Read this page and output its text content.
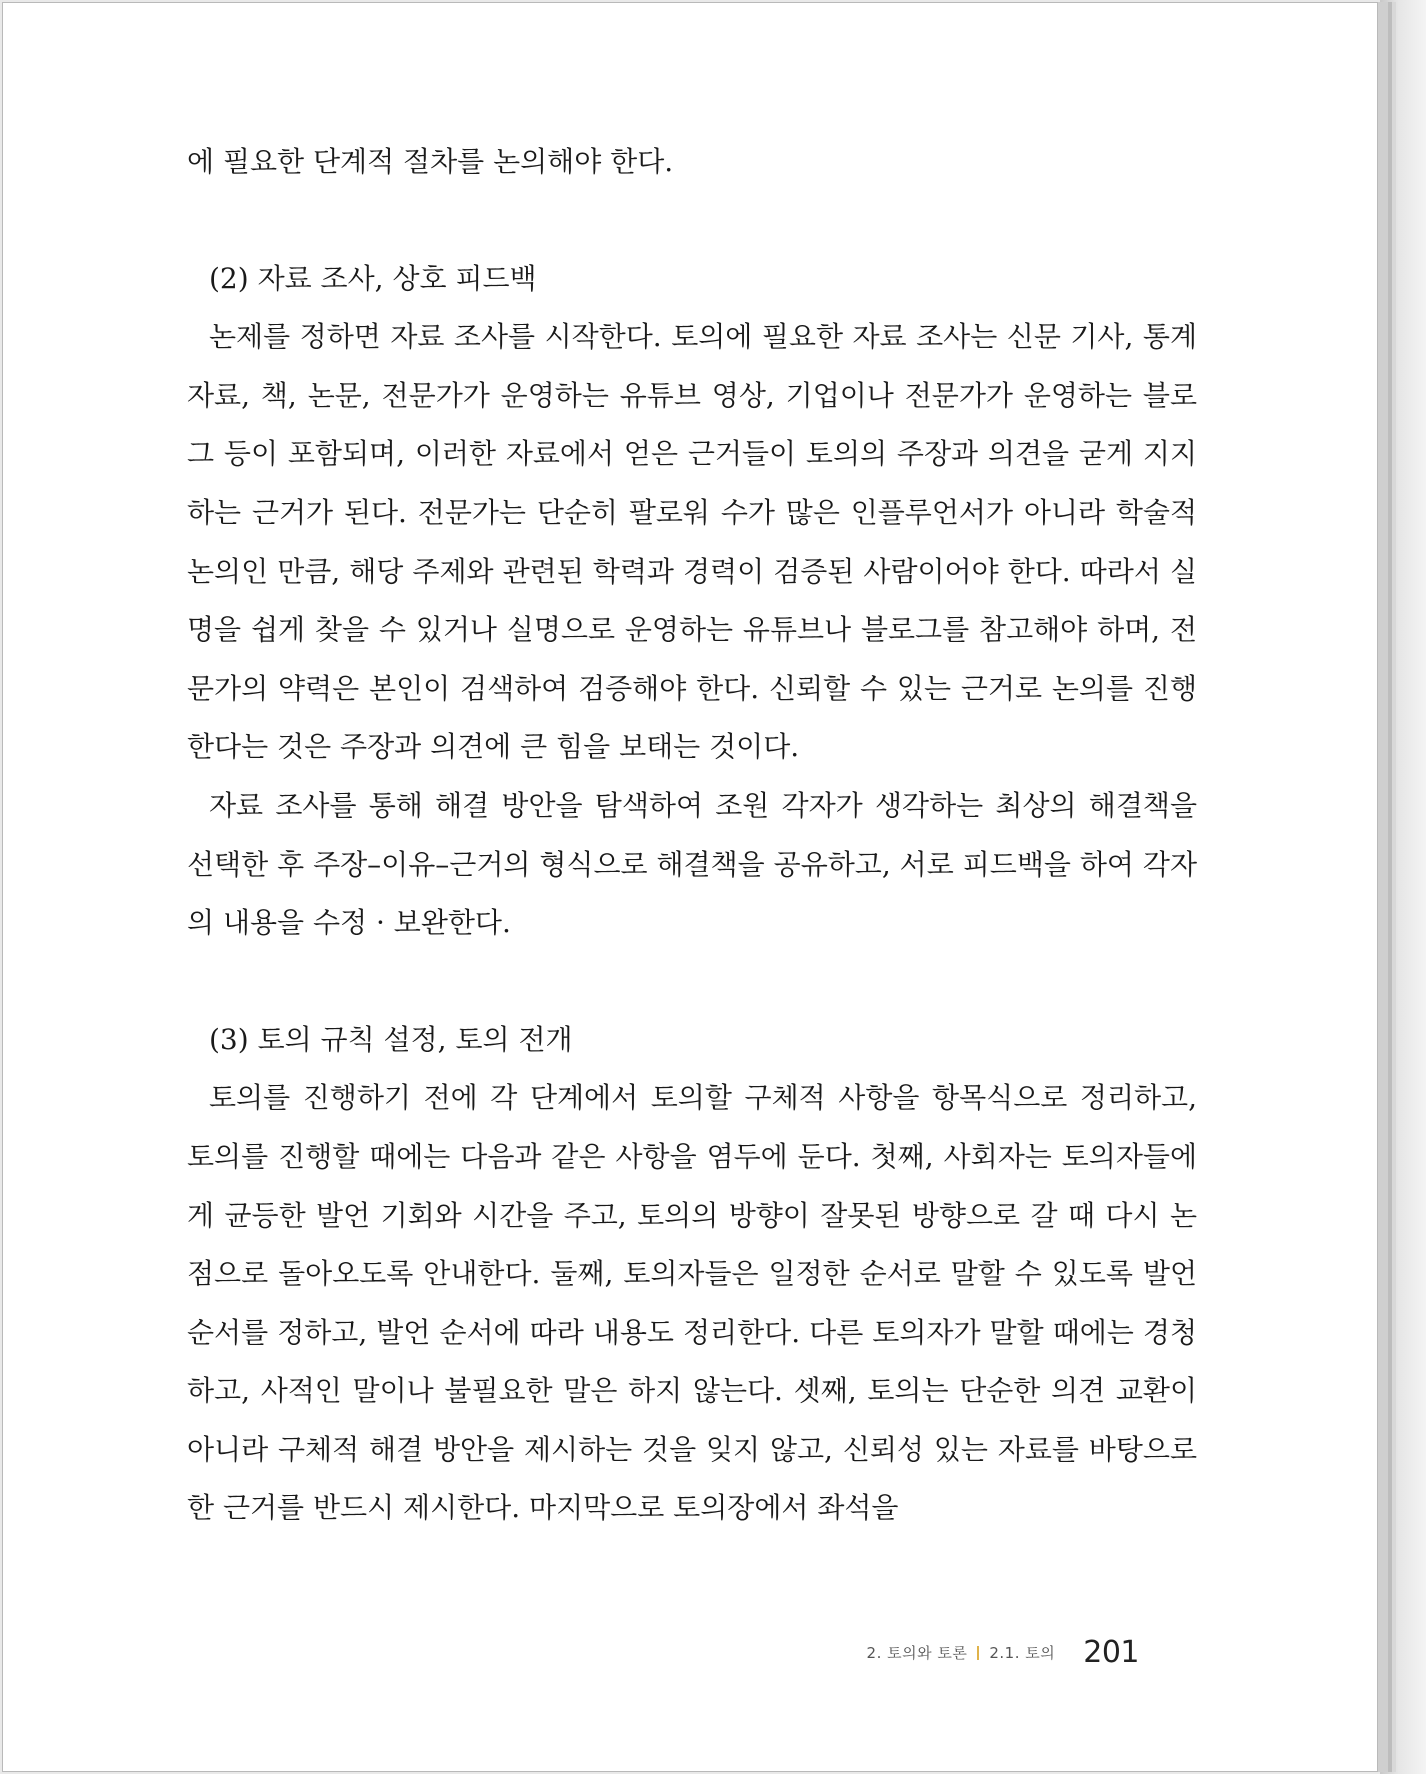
에 필요한 단계적 절차를 논의해야 한다.

(2) 자료 조사, 상호 피드백

논제를 정하면 자료 조사를 시작한다. 토의에 필요한 자료 조사는 신문 기사, 통계 자료, 책, 논문, 전문가가 운영하는 유튜브 영상, 기업이나 전문가가 운영하는 블로그 등이 포함되며, 이러한 자료에서 얻은 근거들이 토의의 주장과 의견을 굳게 지지하는 근거가 된다. 전문가는 단순히 팔로워 수가 많은 인플루언서가 아니라 학술적 논의인 만큼, 해당 주제와 관련된 학력과 경력이 검증된 사람이어야 한다. 따라서 실명을 쉽게 찾을 수 있거나 실명으로 운영하는 유튜브나 블로그를 참고해야 하며, 전문가의 약력은 본인이 검색하여 검증해야 한다. 신뢰할 수 있는 근거로 논의를 진행한다는 것은 주장과 의견에 큰 힘을 보태는 것이다.

자료 조사를 통해 해결 방안을 탐색하여 조원 각자가 생각하는 최상의 해결책을 선택한 후 주장–이유–근거의 형식으로 해결책을 공유하고, 서로 피드백을 하여 각자의 내용을 수정 · 보완한다.

(3) 토의 규칙 설정, 토의 전개

토의를 진행하기 전에 각 단계에서 토의할 구체적 사항을 항목식으로 정리하고, 토의를 진행할 때에는 다음과 같은 사항을 염두에 둔다. 첫째, 사회자는 토의자들에게 균등한 발언 기회와 시간을 주고, 토의의 방향이 잘못된 방향으로 갈 때 다시 논점으로 돌아오도록 안내한다. 둘째, 토의자들은 일정한 순서로 말할 수 있도록 발언 순서를 정하고, 발언 순서에 따라 내용도 정리한다. 다른 토의자가 말할 때에는 경청하고, 사적인 말이나 불필요한 말은 하지 않는다. 셋째, 토의는 단순한 의견 교환이 아니라 구체적 해결 방안을 제시하는 것을 잊지 않고, 신뢰성 있는 자료를 바탕으로 한 근거를 반드시 제시한다. 마지막으로 토의장에서 좌석을

2. 토의와 토론 2.1. 토의 201
